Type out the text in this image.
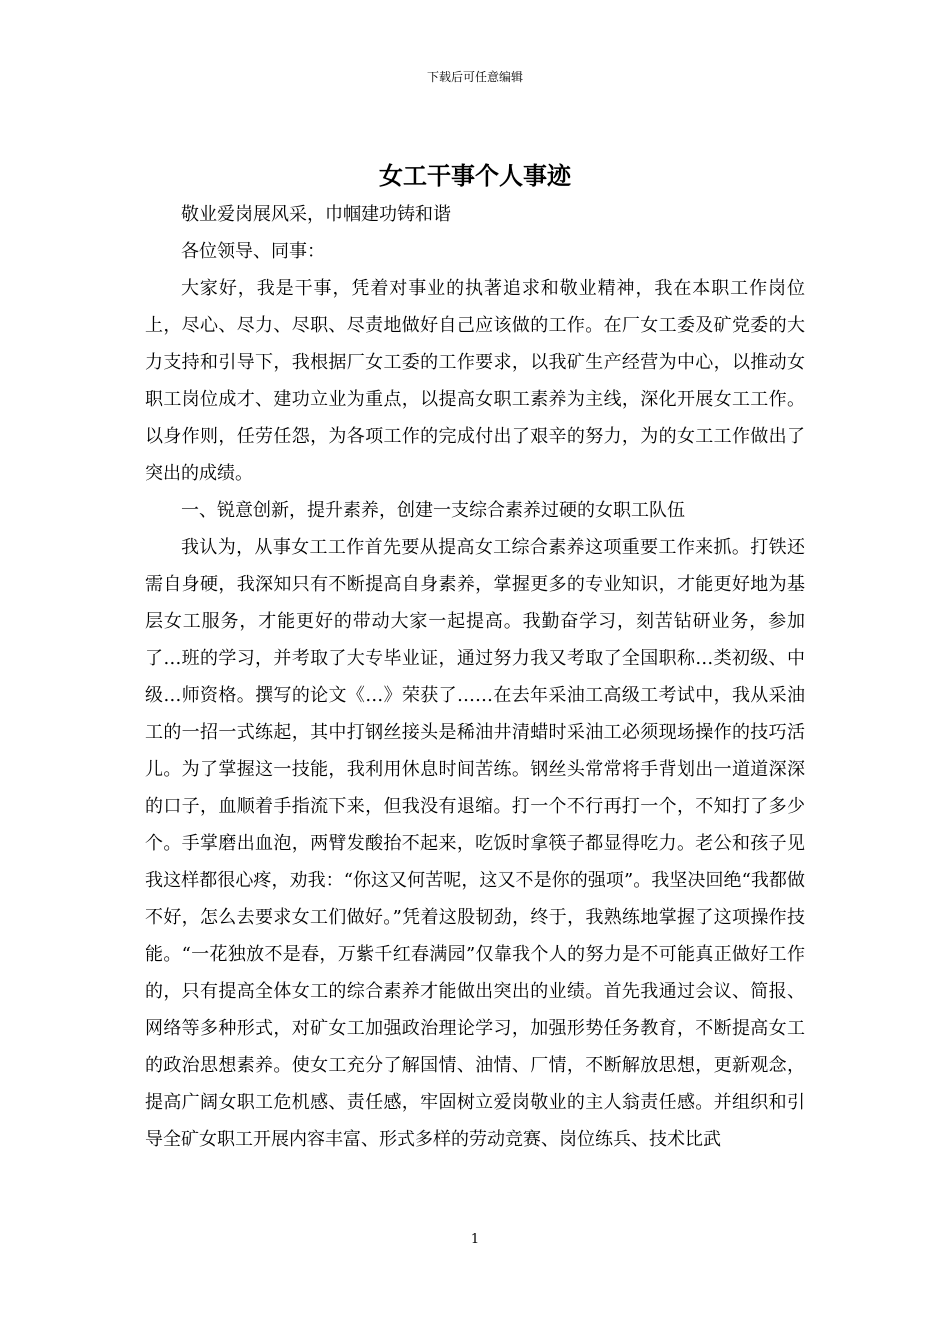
下载后可任意编辑
女工干事个人事迹

敬业爱岗展风采，巾帼建功铸和谐

各位领导、同事：

大家好，我是干事，凭着对事业的执著追求和敬业精神，我在本职工作岗位上，尽心、尽力、尽职、尽责地做好自己应该做的工作。在厂女工委及矿党委的大力支持和引导下，我根据厂女工委的工作要求，以我矿生产经营为中心，以推动女职工岗位成才、建功立业为重点，以提高女职工素养为主线，深化开展女工工作。以身作则，任劳任怨，为各项工作的完成付出了艰辛的努力，为的女工工作做出了突出的成绩。

一、锐意创新，提升素养，创建一支综合素养过硬的女职工队伍

我认为，从事女工工作首先要从提高女工综合素养这项重要工作来抓。打铁还需自身硬，我深知只有不断提高自身素养，掌握更多的专业知识，才能更好地为基层女工服务，才能更好的带动大家一起提高。我勤奋学习，刻苦钻研业务，参加了…班的学习，并考取了大专毕业证，通过努力我又考取了全国职称…类初级、中级…师资格。撰写的论文《…》荣获了……在去年采油工高级工考试中，我从采油工的一招一式练起，其中打钢丝接头是稀油井清蜡时采油工必须现场操作的技巧活儿。为了掌握这一技能，我利用休息时间苦练。钢丝头常常将手背划出一道道深深的口子，血顺着手指流下来，但我没有退缩。打一个不行再打一个，不知打了多少个。手掌磨出血泡，两臂发酸抬不起来，吃饭时拿筷子都显得吃力。老公和孩子见我这样都很心疼，劝我：“你这又何苦呢，这又不是你的强项”。我坚决回绝“我都做不好，怎么去要求女工们做好。”凭着这股韧劲，终于，我熟练地掌握了这项操作技能。“一花独放不是春，万紫千红春满园”仅靠我个人的努力是不可能真正做好工作的，只有提高全体女工的综合素养才能做出突出的业绩。首先我通过会议、简报、网络等多种形式，对矿女工加强政治理论学习，加强形势任务教育，不断提高女工的政治思想素养。使女工充分了解国情、油情、厂情，不断解放思想，更新观念，提高广阔女职工危机感、责任感，牢固树立爱岗敬业的主人翁责任感。并组织和引导全矿女职工开展内容丰富、形式多样的劳动竞赛、岗位练兵、技术比武

1
